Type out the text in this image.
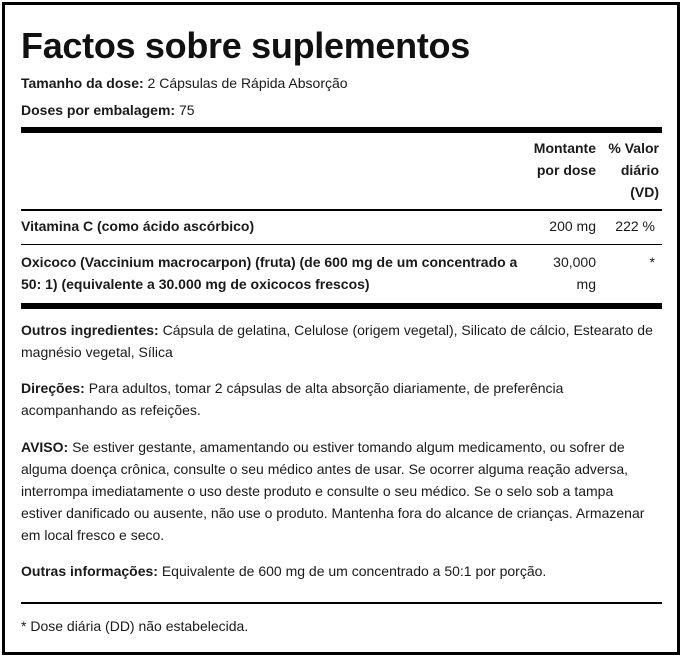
Factos sobre suplementos
Tamanho da dose: 2 Cápsulas de Rápida Absorção
Doses por embalagem: 75
Montante
por dose
% Valor
diário
(VD)
Vitamina C (como ácido ascórbico)	200 mg	222 %
Oxicoco (Vaccinium macrocarpon) (fruta) (de 600 mg de um concentrado a
50: 1) (equivalente a 30.000 mg de oxicocos frescos)
30,000
mg
*
Outros ingredientes: Cápsula de gelatina, Celulose (origem vegetal), Silicato de cálcio, Estearato de
magnésio vegetal, Sílica
Direções: Para adultos, tomar 2 cápsulas de alta absorção diariamente, de preferência
acompanhando as refeições.
AVISO: Se estiver gestante, amamentando ou estiver tomando algum medicamento, ou sofrer de
alguma doença crônica, consulte o seu médico antes de usar. Se ocorrer alguma reação adversa,
interrompa imediatamente o uso deste produto e consulte o seu médico. Se o selo sob a tampa
estiver danificado ou ausente, não use o produto. Mantenha fora do alcance de crianças. Armazenar
em local fresco e seco.
Outras informações: Equivalente de 600 mg de um concentrado a 50:1 por porção.
* Dose diária (DD) não estabelecida.
